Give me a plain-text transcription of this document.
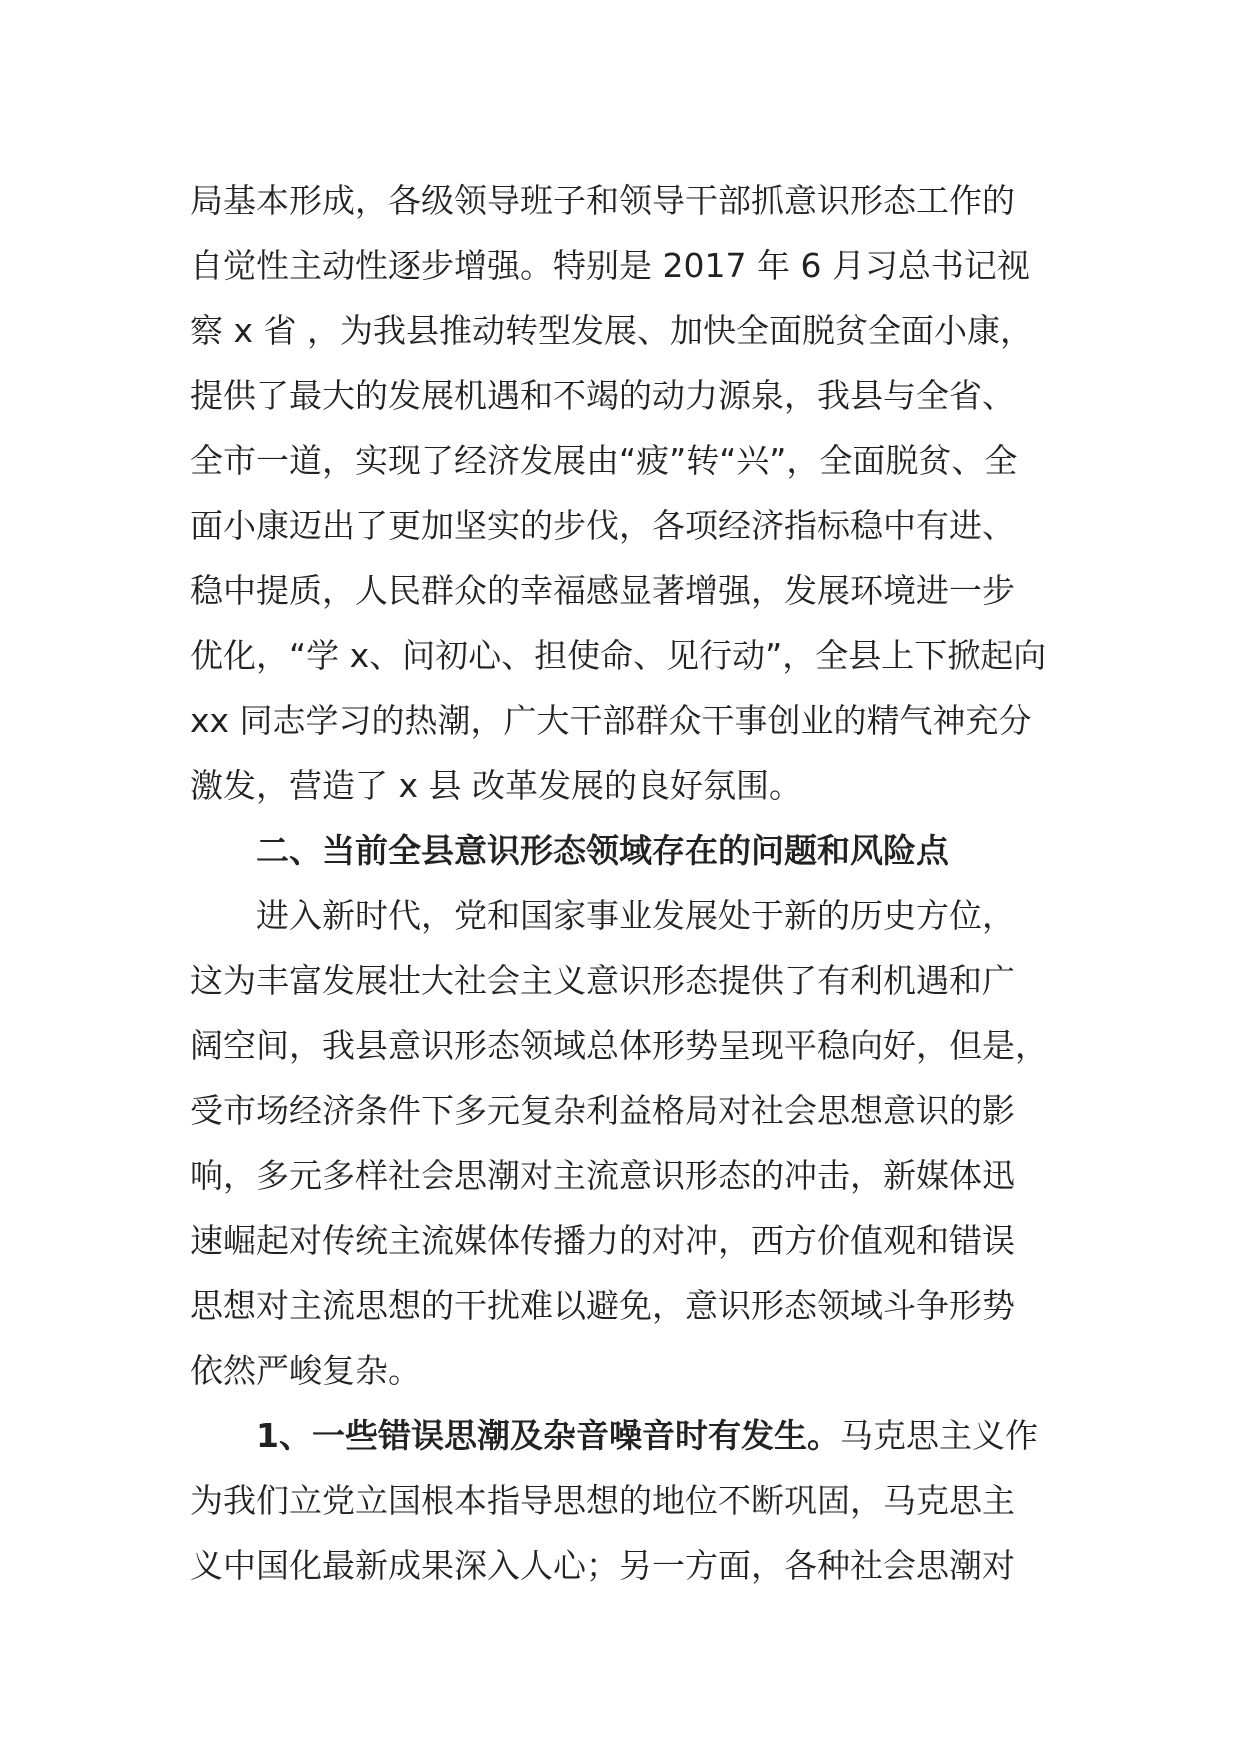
局基本形成，各级领导班子和领导干部抓意识形态工作的
自觉性主动性逐步增强。特别是 2017 年 6 月习总书记视
察 x 省 ，为我县推动转型发展、加快全面脱贫全面小康，
提供了最大的发展机遇和不竭的动力源泉，我县与全省、
全市一道，实现了经济发展由“疲”转“兴”，全面脱贫、全
面小康迈出了更加坚实的步伐，各项经济指标稳中有进、
稳中提质，人民群众的幸福感显著增强，发展环境进一步
优化，“学 x、问初心、担使命、见行动”，全县上下掀起向
xx 同志学习的热潮，广大干部群众干事创业的精气神充分
激发，营造了 x 县 改革发展的良好氛围。
二、当前全县意识形态领域存在的问题和风险点
进入新时代，党和国家事业发展处于新的历史方位，
这为丰富发展壮大社会主义意识形态提供了有利机遇和广
阔空间，我县意识形态领域总体形势呈现平稳向好，但是，
受市场经济条件下多元复杂利益格局对社会思想意识的影
响，多元多样社会思潮对主流意识形态的冲击，新媒体迅
速崛起对传统主流媒体传播力的对冲，西方价值观和错误
思想对主流思想的干扰难以避免，意识形态领域斗争形势
依然严峻复杂。
1、一些错误思潮及杂音噪音时有发生。马克思主义作
为我们立党立国根本指导思想的地位不断巩固，马克思主
义中国化最新成果深入人心；另一方面，各种社会思潮对
